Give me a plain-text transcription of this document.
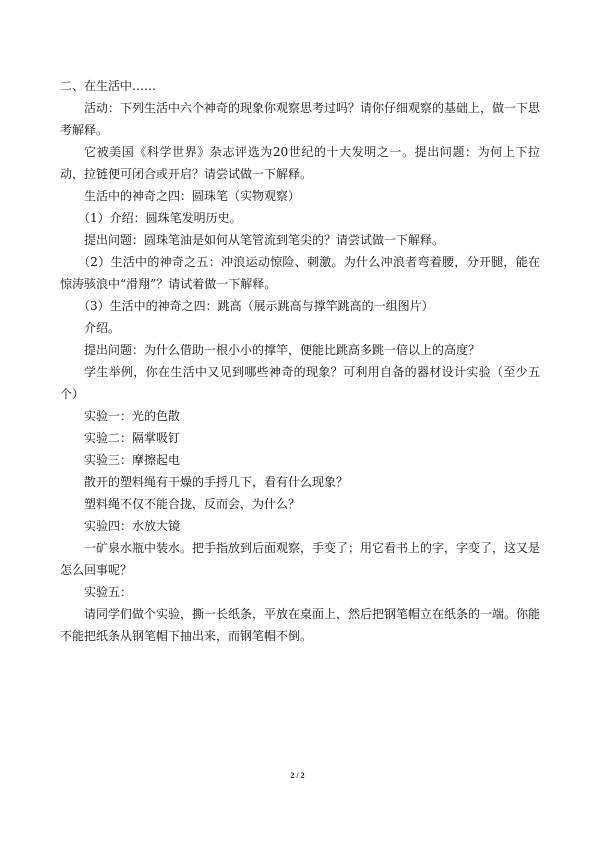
二、在生活中……

活动：下列生活中六个神奇的现象你观察思考过吗？请你仔细观察的基础上，做一下思考解释。

它被美国《科学世界》杂志评选为20世纪的十大发明之一。提出问题：为何上下拉动，拉链便可闭合或开启？请尝试做一下解释。

生活中的神奇之四：圆珠笔（实物观察）

（1）介绍：圆珠笔发明历史。

提出问题：圆珠笔油是如何从笔管流到笔尖的？请尝试做一下解释。

（2）生活中的神奇之五：冲浪运动惊险、刺激。为什么冲浪者弯着腰，分开腿，能在惊涛骇浪中“滑翔”？请试着做一下解释。

（3）生活中的神奇之四：跳高（展示跳高与撑竿跳高的一组图片）

介绍。

提出问题：为什么借助一根小小的撑竿，便能比跳高多跳一倍以上的高度？

学生举例，你在生活中又见到哪些神奇的现象？可利用自备的器材设计实验（至少五个）

实验一：光的色散

实验二：隔掌吸钉

实验三：摩擦起电

散开的塑料绳有干燥的手捋几下，看有什么现象？

塑料绳不仅不能合拢，反而会，为什么？

实验四：水放大镜

一矿泉水瓶中装水。把手指放到后面观察，手变了；用它看书上的字，字变了，这又是怎么回事呢？

实验五：

请同学们做个实验，撕一长纸条，平放在桌面上，然后把钢笔帽立在纸条的一端。你能不能把纸条从钢笔帽下抽出来，而钢笔帽不倒。

2 / 2
